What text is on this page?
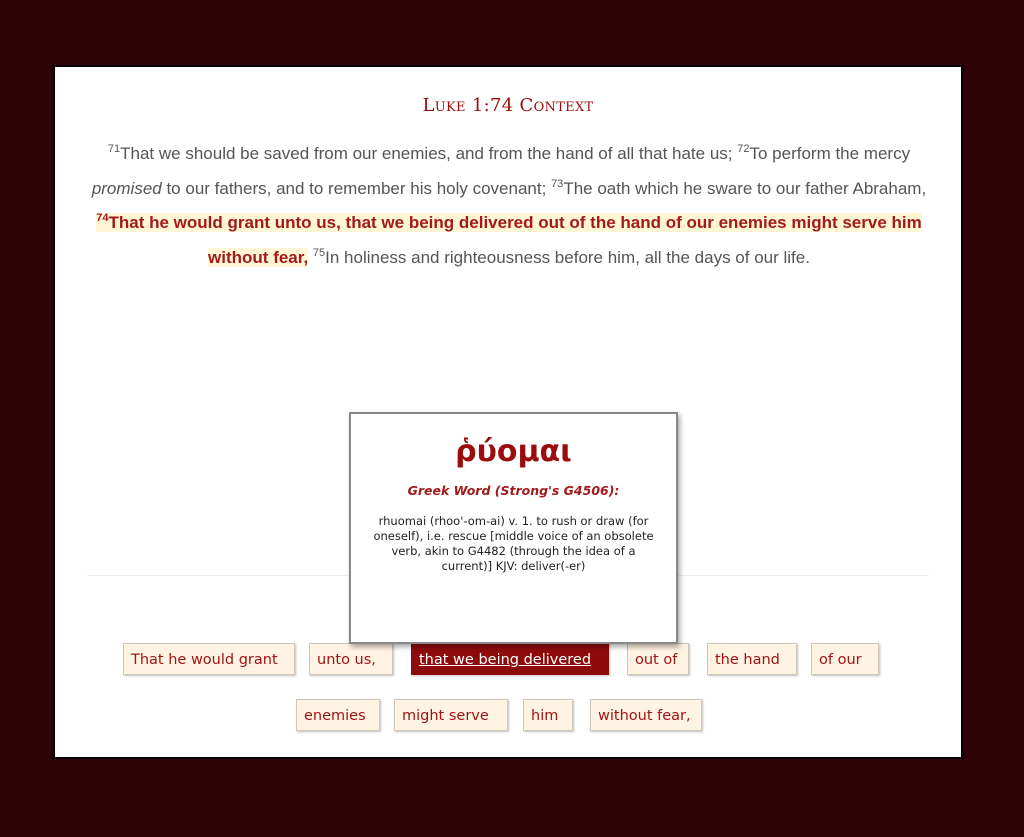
Luke 1:74 Context
$^{71}$That we should be saved from our enemies, and from the hand of all that hate us; $^{72}$To perform the mercy promised to our fathers, and to remember his holy covenant; $^{73}$The oath which he sware to our father Abraham, $^{74}$That he would grant unto us, that we being delivered out of the hand of our enemies might serve him without fear, $^{75}$In holiness and righteousness before him, all the days of our life.
ῥύομαι
Greek Word (Strong's G4506):
rhuomai (rhoo'-om-ai) v. 1. to rush or draw (for oneself), i.e. rescue [middle voice of an obsolete verb, akin to G4482 (through the idea of a current)] KJV: deliver(-er)
That he would grant	unto us,	that we being delivered	out of	the hand	of our
enemies	might serve	him	without fear,
